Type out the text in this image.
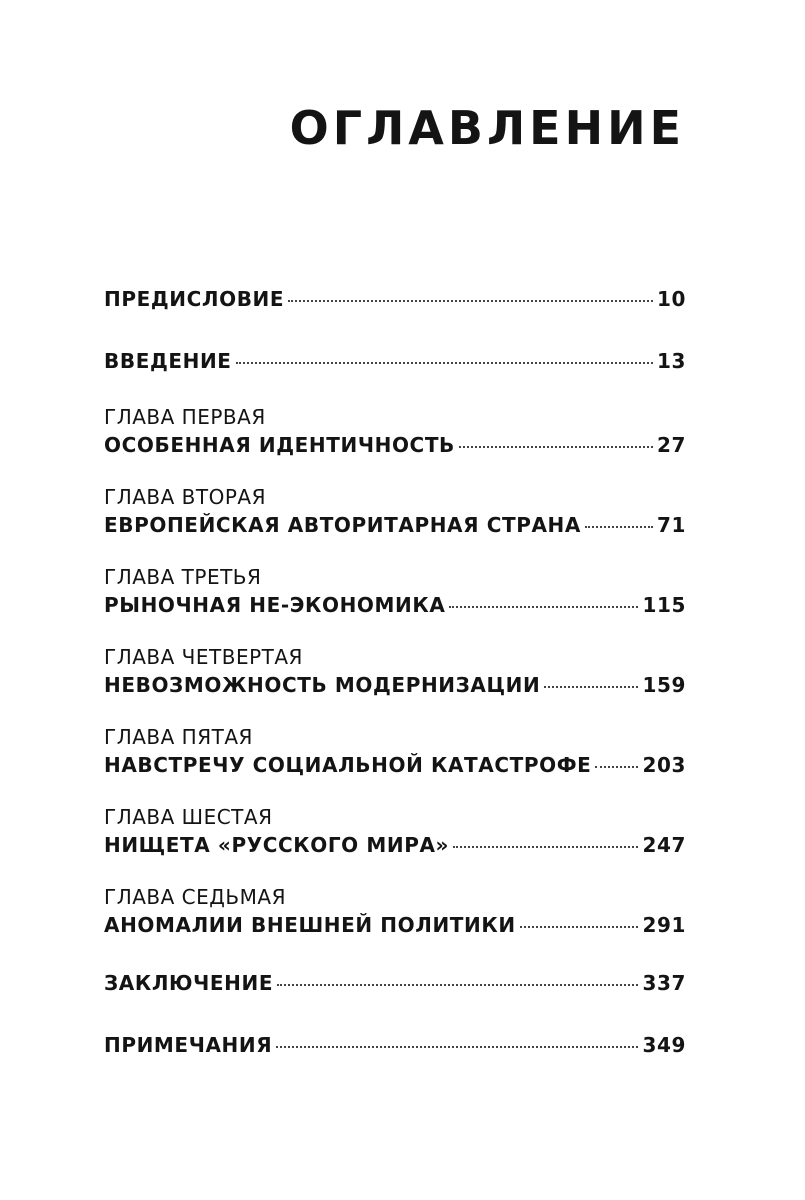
ОГЛАВЛЕНИЕ
ПРЕДИСЛОВИЕ	10
ВВЕДЕНИЕ	13
ГЛАВА ПЕРВАЯ
ОСОБЕННАЯ ИДЕНТИЧНОСТЬ	27
ГЛАВА ВТОРАЯ
ЕВРОПЕЙСКАЯ АВТОРИТАРНАЯ СТРАНА	71
ГЛАВА ТРЕТЬЯ
РЫНОЧНАЯ НЕ-ЭКОНОМИКА	115
ГЛАВА ЧЕТВЕРТАЯ
НЕВОЗМОЖНОСТЬ МОДЕРНИЗАЦИИ	159
ГЛАВА ПЯТАЯ
НАВСТРЕЧУ СОЦИАЛЬНОЙ КАТАСТРОФЕ	203
ГЛАВА ШЕСТАЯ
НИЩЕТА «РУССКОГО МИРА»	247
ГЛАВА СЕДЬМАЯ
АНОМАЛИИ ВНЕШНЕЙ ПОЛИТИКИ	291
ЗАКЛЮЧЕНИЕ	337
ПРИМЕЧАНИЯ	349
